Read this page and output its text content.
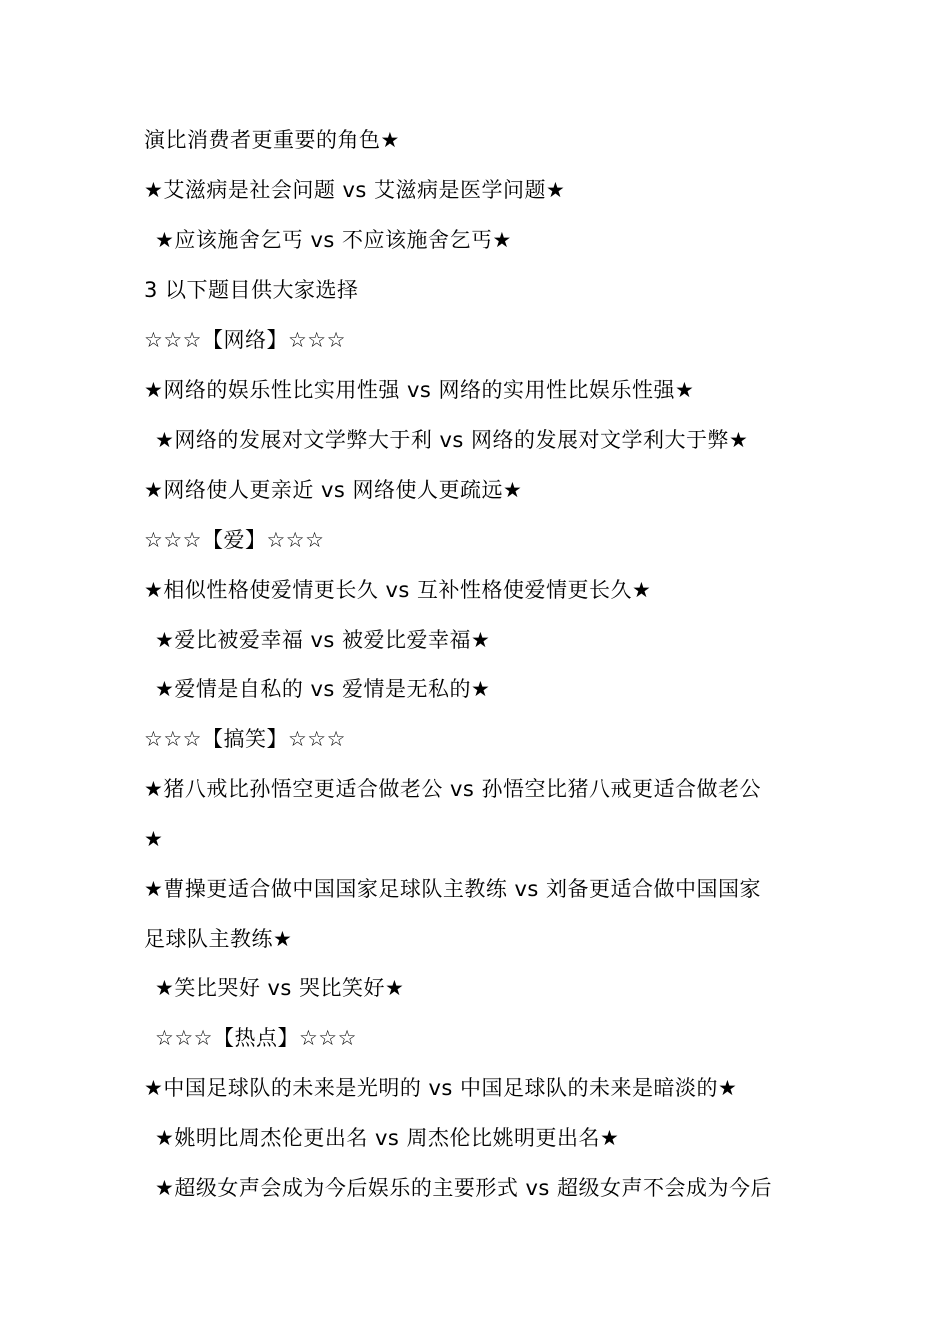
演比消费者更重要的角色★
★艾滋病是社会问题 vs 艾滋病是医学问题★
★应该施舍乞丐 vs 不应该施舍乞丐★
3 以下题目供大家选择
☆☆☆【网络】☆☆☆
★网络的娱乐性比实用性强 vs 网络的实用性比娱乐性强★
★网络的发展对文学弊大于利 vs 网络的发展对文学利大于弊★
★网络使人更亲近 vs 网络使人更疏远★
☆☆☆【爱】☆☆☆
★相似性格使爱情更长久 vs 互补性格使爱情更长久★
★爱比被爱幸福 vs 被爱比爱幸福★
★爱情是自私的 vs 爱情是无私的★
☆☆☆【搞笑】☆☆☆
★猪八戒比孙悟空更适合做老公 vs 孙悟空比猪八戒更适合做老公
★
★曹操更适合做中国国家足球队主教练 vs 刘备更适合做中国国家
足球队主教练★
★笑比哭好 vs 哭比笑好★
☆☆☆【热点】☆☆☆
★中国足球队的未来是光明的 vs 中国足球队的未来是暗淡的★
★姚明比周杰伦更出名 vs 周杰伦比姚明更出名★
★超级女声会成为今后娱乐的主要形式 vs 超级女声不会成为今后
